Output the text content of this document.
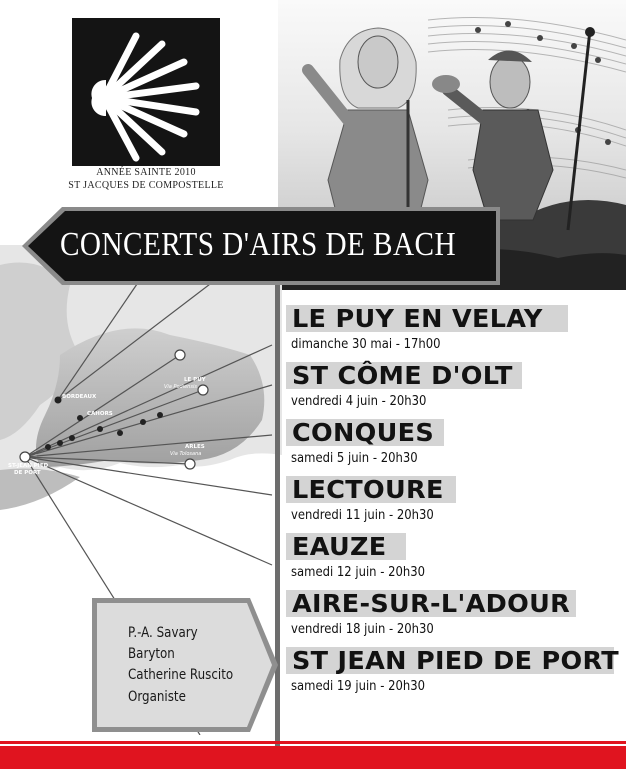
ANNÉE SAINTE 2010
ST JACQUES DE COMPOSTELLE
BORDEAUX
CAHORS
LE PUY
ARLES
ST-JEAN PIED
DE PORT
Via Podiensis
Via Tolosana
CONCERTS D'AIRS DE BACH
P.-A. Savary
Baryton
Catherine Ruscito
Organiste
LE PUY EN VELAY
dimanche 30 mai - 17h00
ST CÔME D'OLT
vendredi 4 juin - 20h30
CONQUES
samedi 5 juin - 20h30
LECTOURE
vendredi 11 juin - 20h30
EAUZE
samedi 12 juin - 20h30
AIRE-SUR-L'ADOUR
vendredi 18 juin - 20h30
ST JEAN PIED DE PORT
samedi 19 juin - 20h30
